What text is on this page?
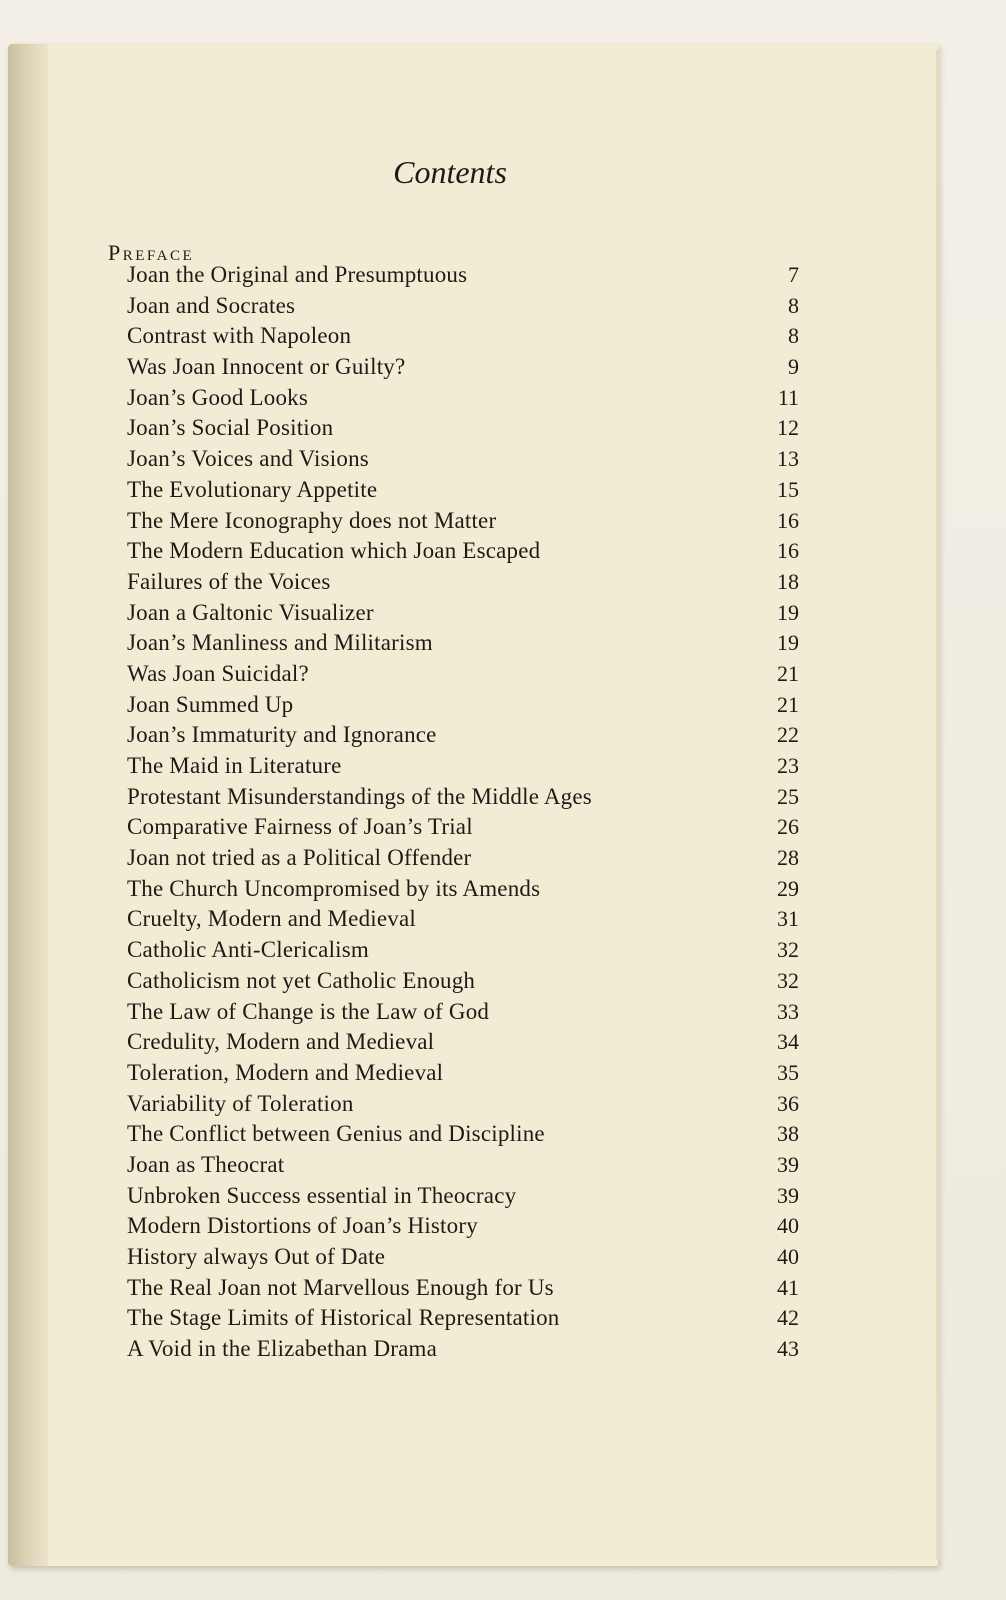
Contents
Preface
Joan the Original and Presumptuous	7
Joan and Socrates	8
Contrast with Napoleon	8
Was Joan Innocent or Guilty?	9
Joan’s Good Looks	11
Joan’s Social Position	12
Joan’s Voices and Visions	13
The Evolutionary Appetite	15
The Mere Iconography does not Matter	16
The Modern Education which Joan Escaped	16
Failures of the Voices	18
Joan a Galtonic Visualizer	19
Joan’s Manliness and Militarism	19
Was Joan Suicidal?	21
Joan Summed Up	21
Joan’s Immaturity and Ignorance	22
The Maid in Literature	23
Protestant Misunderstandings of the Middle Ages	25
Comparative Fairness of Joan’s Trial	26
Joan not tried as a Political Offender	28
The Church Uncompromised by its Amends	29
Cruelty, Modern and Medieval	31
Catholic Anti-Clericalism	32
Catholicism not yet Catholic Enough	32
The Law of Change is the Law of God	33
Credulity, Modern and Medieval	34
Toleration, Modern and Medieval	35
Variability of Toleration	36
The Conflict between Genius and Discipline	38
Joan as Theocrat	39
Unbroken Success essential in Theocracy	39
Modern Distortions of Joan’s History	40
History always Out of Date	40
The Real Joan not Marvellous Enough for Us	41
The Stage Limits of Historical Representation	42
A Void in the Elizabethan Drama	43
